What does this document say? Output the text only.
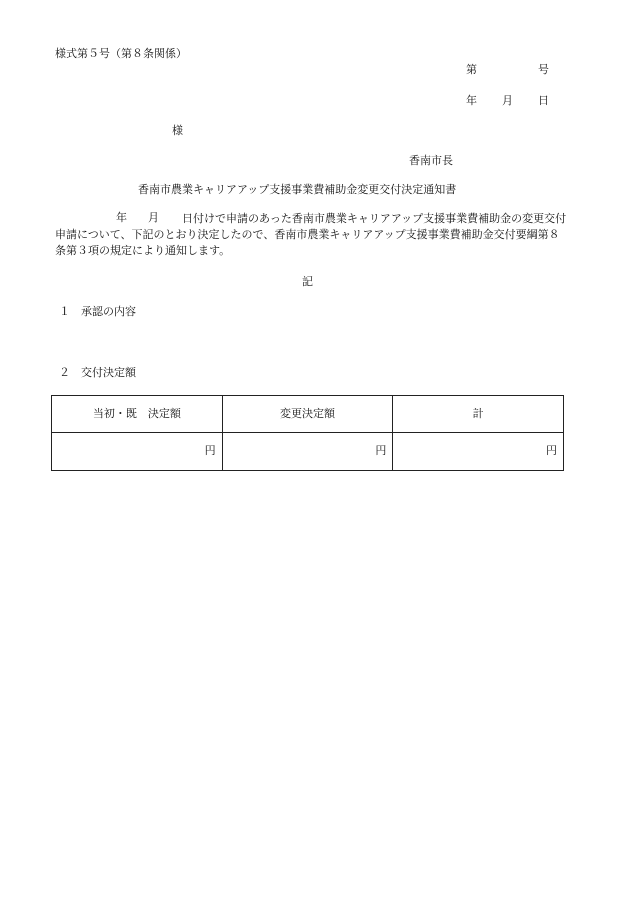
様式第５号（第８条関係）
第	号
年 月 日
様
香南市長
香南市農業キャリアアップ支援事業費補助金変更交付決定通知書
年 月	日付けで申請のあった香南市農業キャリアアップ支援事業費補助金の変更交付申請について、下記のとおり決定したので、香南市農業キャリアアップ支援事業費補助金交付要綱第８条第３項の規定により通知します。
記
１ 承認の内容
２ 交付決定額
当初・既　決定額	変更決定額	計
円	円	円
